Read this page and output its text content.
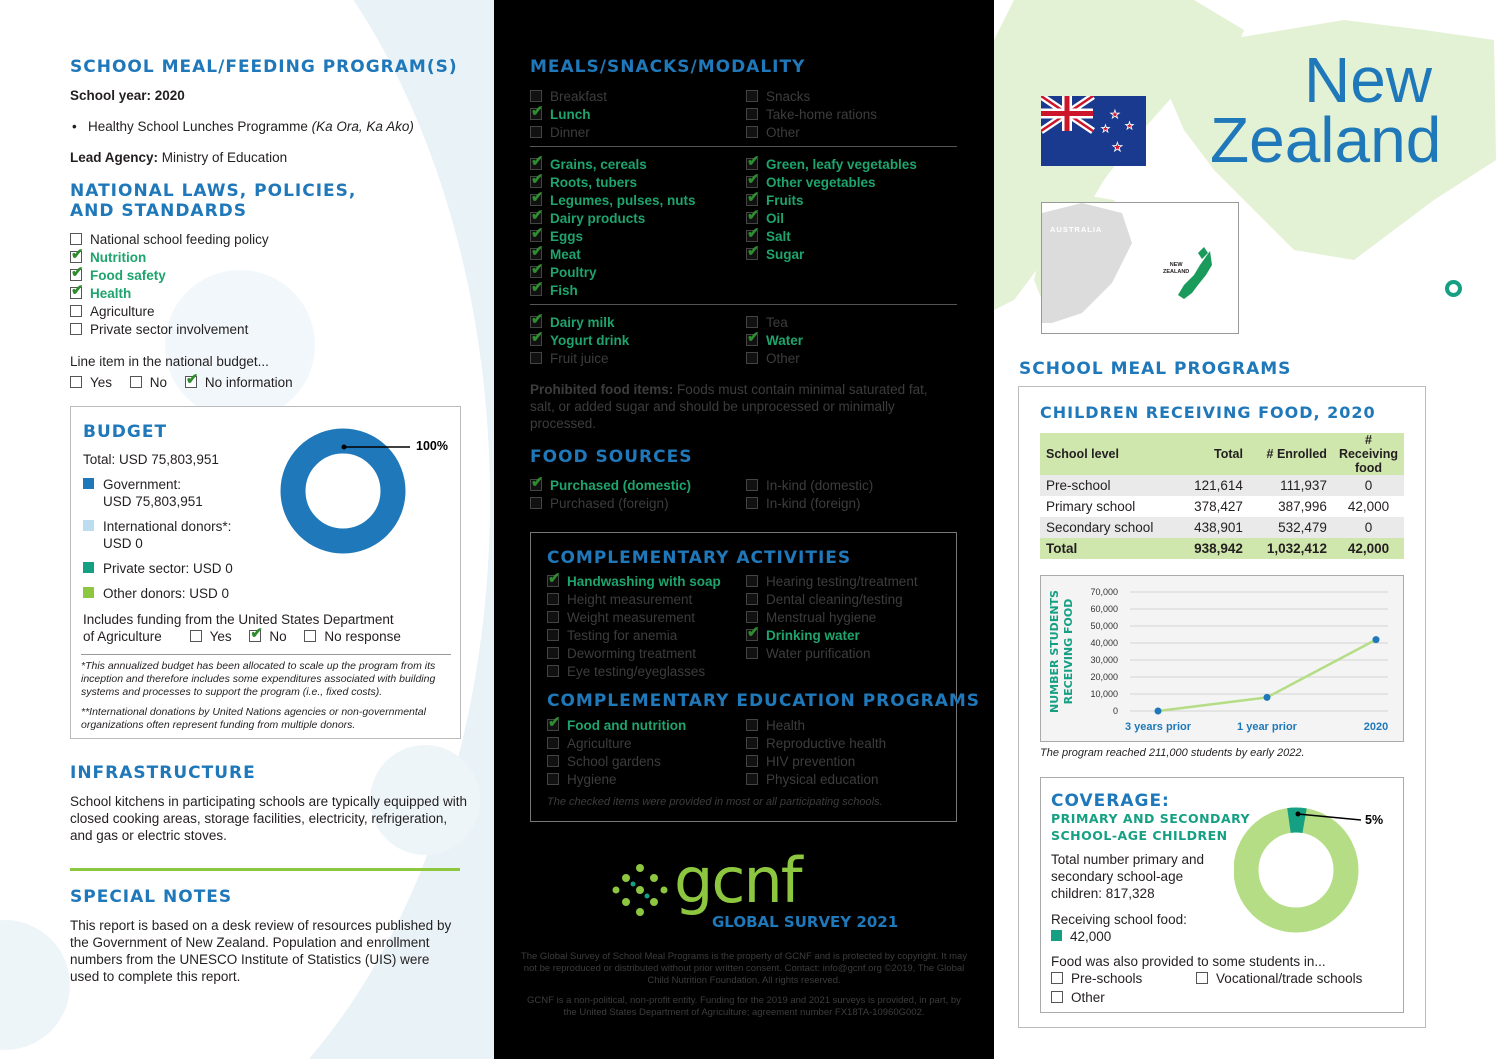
SCHOOL MEAL/FEEDING PROGRAM(S)
School year: 2020
• Healthy School Lunches Programme (Ka Ora, Ka Ako)
Lead Agency: Ministry of Education
NATIONAL LAWS, POLICIES,
AND STANDARDS
National school feeding policy
✔Nutrition
✔Food safety
✔Health
Agriculture
Private sector involvement
Line item in the national budget...
Yes	No ✔	No information
BUDGET
Total: USD 75,803,951
Government:
USD 75,803,951
International donors*:
USD 0
Private sector: USD 0
Other donors: USD 0
100%
Includes funding from the United States Department
of Agriculture	Yes ✔	No	No response
*This annualized budget has been allocated to scale up the program from its inception and therefore includes some expenditures associated with building systems and processes to support the program (i.e., fixed costs).
**International donations by United Nations agencies or non-governmental organizations often represent funding from multiple donors.
INFRASTRUCTURE
School kitchens in participating schools are typically equipped with closed cooking areas, storage facilities, electricity, refrigeration, and gas or electric stoves.
SPECIAL NOTES
This report is based on a desk review of resources published by the Government of New Zealand. Population and enrollment numbers from the UNESCO Institute of Statistics (UIS) were used to complete this report.
MEALS/SNACKS/MODALITY
Breakfast
✔Lunch
Dinner
Snacks
Take-home rations
Other
✔Grains, cereals
✔Roots, tubers
✔Legumes, pulses, nuts
✔Dairy products
✔Eggs
✔Meat
✔Poultry
✔Fish
✔Green, leafy vegetables
✔Other vegetables
✔Fruits
✔Oil
✔Salt
✔Sugar
✔Dairy milk
✔Yogurt drink
Fruit juice
Tea
✔Water
Other
Prohibited food items: Foods must contain minimal saturated fat, salt, or added sugar and should be unprocessed or minimally processed.
FOOD SOURCES
✔Purchased (domestic)
Purchased (foreign)
In-kind (domestic)
In-kind (foreign)
COMPLEMENTARY ACTIVITIES
✔Handwashing with soap
Height measurement
Weight measurement
Testing for anemia
Deworming treatment
Eye testing/eyeglasses
Hearing testing/treatment
Dental cleaning/testing
Menstrual hygiene
✔Drinking water
Water purification
COMPLEMENTARY EDUCATION PROGRAMS
✔Food and nutrition
Agriculture
School gardens
Hygiene
Health
Reproductive health
HIV prevention
Physical education
The checked items were provided in most or all participating schools.
gcnf
GLOBAL SURVEY 2021
The Global Survey of School Meal Programs is the property of GCNF and is protected by copyright. It may not be reproduced or distributed without prior written consent. Contact: info@gcnf.org ©2019, The Global Child Nutrition Foundation. All rights reserved.
GCNF is a non-political, non-profit entity. Funding for the 2019 and 2021 surveys is provided, in part, by the United States Department of Agriculture; agreement number FX18TA-10960G002.
New
Zealand
★
★ ★
★
AUSTRALIA
NEW
ZEALAND
SCHOOL MEAL PROGRAMS
CHILDREN RECEIVING FOOD, 2020
School level	Total	# Enrolled	# Receiving food
Pre-school	121,614	111,937	0
Primary school	378,427	387,996	42,000
Secondary school	438,901	532,479	0
Total	938,942	1,032,412	42,000
0
10,000
20,000
30,000
40,000
50,000
60,000
70,000
3 years prior	1 year prior	2020
NUMBER STUDENTSRECEIVING FOOD
The program reached 211,000 students by early 2022.
COVERAGE:
PRIMARY AND SECONDARY
SCHOOL-AGE CHILDREN
Total number primary and secondary school-age children: 817,328
Receiving school food:
42,000
5%
Food was also provided to some students in...
Pre-schools	Vocational/trade schools
Other
